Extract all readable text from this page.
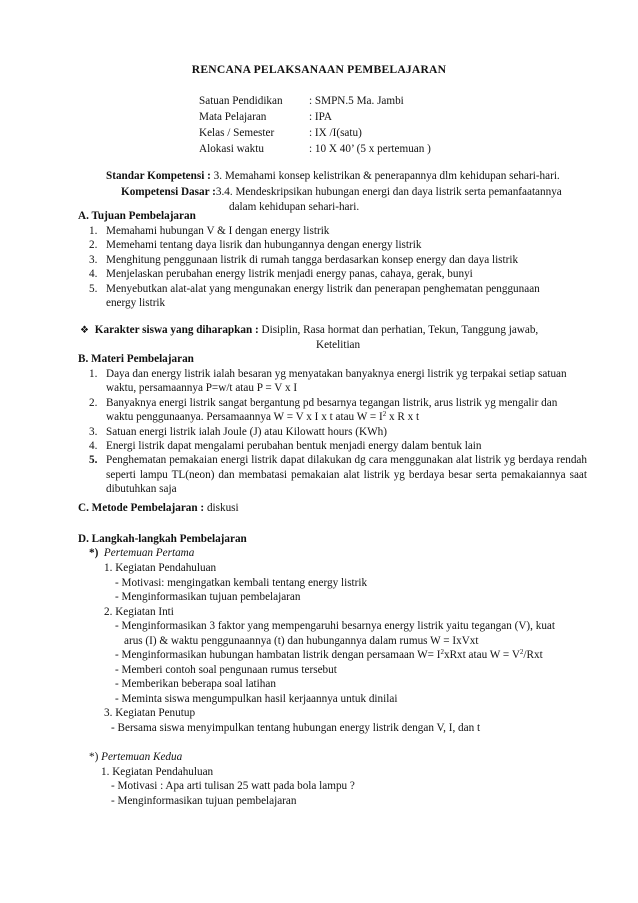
RENCANA PELAKSANAAN PEMBELAJARAN
Satuan Pendidikan	: SMPN.5 Ma. Jambi
Mata Pelajaran	: IPA
Kelas / Semester	: IX /I(satu)
Alokasi waktu	: 10 X 40’ (5 x pertemuan )
Standar Kompetensi : 3. Memahami konsep kelistrikan & penerapannya dlm kehidupan sehari-hari.
Kompetensi Dasar :3.4. Mendeskripsikan hubungan energi dan daya listrik serta pemanfaatannya
dalam kehidupan sehari-hari.
A. Tujuan Pembelajaran
1. Memahami hubungan V & I dengan energy listrik
2. Memehami tentang daya lisrik dan hubungannya dengan energy listrik
3. Menghitung penggunaan listrik di rumah tangga berdasarkan konsep energy dan daya listrik
4. Menjelaskan perubahan energy listrik menjadi energy panas, cahaya, gerak, bunyi
5. Menyebutkan alat-alat yang mengunakan energy listrik dan penerapan penghematan penggunaan energy listrik
❖ Karakter siswa yang diharapkan : Disiplin, Rasa hormat dan perhatian, Tekun, Tanggung jawab,
Ketelitian
B. Materi Pembelajaran
1. Daya dan energy listrik ialah besaran yg menyatakan banyaknya energi listrik yg terpakai setiap satuan waktu, persamaannya P=w/t atau P = V x I
2. Banyaknya energi listrik sangat bergantung pd besarnya tegangan listrik, arus listrik yg mengalir dan waktu penggunaanya. Persamaannya W = V x I x t atau $W = I^2$ x R x t
3. Satuan energi listrik ialah Joule (J) atau Kilowatt hours (KWh)
4. Energi listrik dapat mengalami perubahan bentuk menjadi energy dalam bentuk lain
5. Penghematan pemakaian energi listrik dapat dilakukan dg cara menggunakan alat listrik yg berdaya rendah seperti lampu TL(neon) dan membatasi pemakaian alat listrik yg berdaya besar serta pemakaiannya saat dibutuhkan saja
C. Metode Pembelajaran : diskusi
D. Langkah-langkah Pembelajaran
*) Pertemuan Pertama
1. Kegiatan Pendahuluan
- Motivasi: mengingatkan kembali tentang energy listrik
- Menginformasikan tujuan pembelajaran
2. Kegiatan Inti
- Menginformasikan 3 faktor yang mempengaruhi besarnya energy listrik yaitu tegangan (V), kuat
arus (I) & waktu penggunaannya (t) dan hubungannya dalam rumus W = IxVxt
- Menginformasikan hubungan hambatan listrik dengan persamaan $W= I^2xRxt$ atau $W = V^2$/Rxt
- Memberi contoh soal pengunaan rumus tersebut
- Memberikan beberapa soal latihan
- Meminta siswa mengumpulkan hasil kerjaannya untuk dinilai
3. Kegiatan Penutup
- Bersama siswa menyimpulkan tentang hubungan energy listrik dengan V, I, dan t
*) Pertemuan Kedua
1. Kegiatan Pendahuluan
- Motivasi : Apa arti tulisan 25 watt pada bola lampu ?
- Menginformasikan tujuan pembelajaran
